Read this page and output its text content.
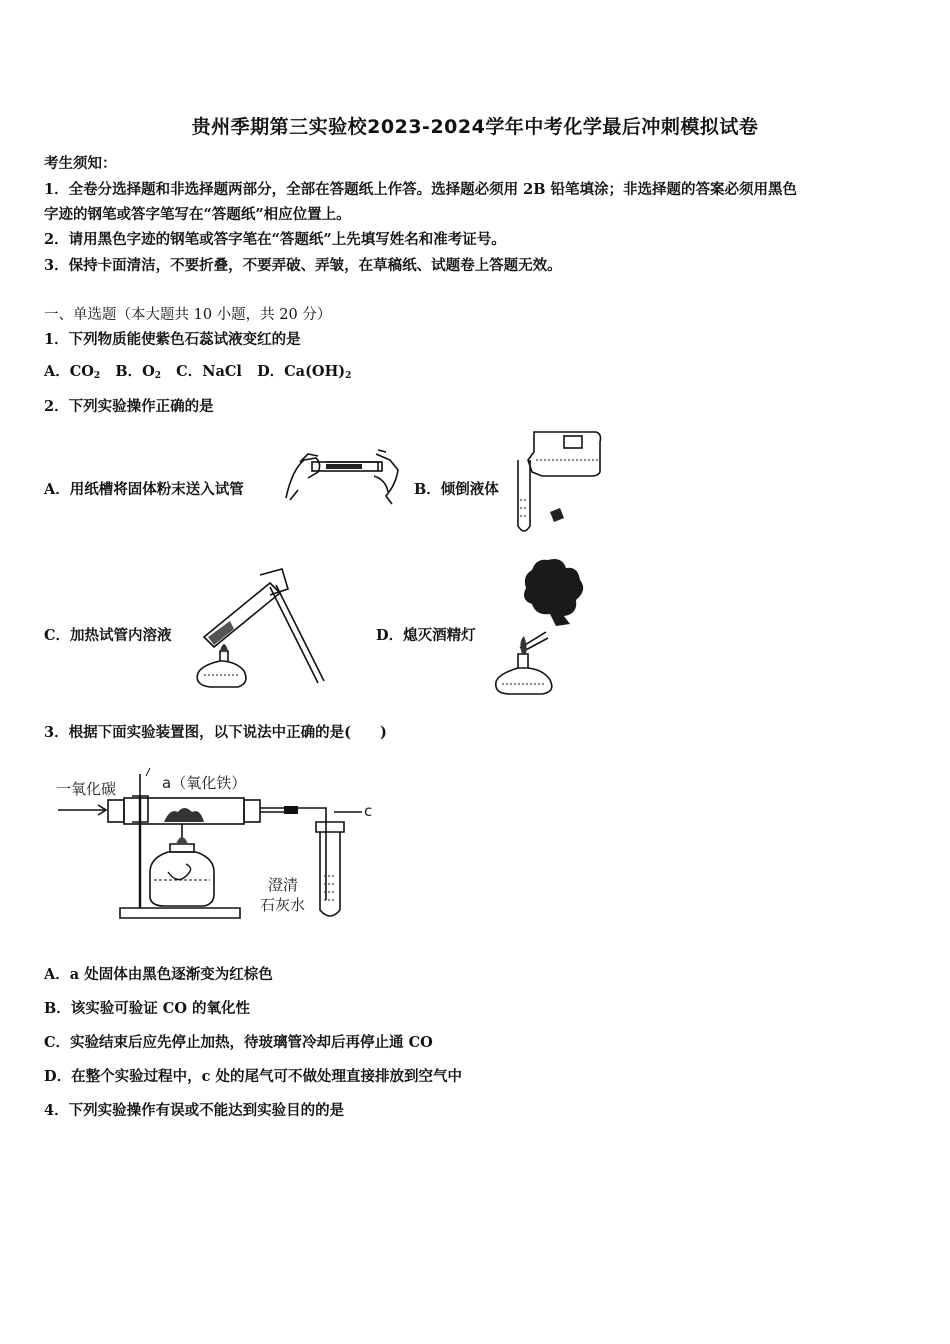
贵州季期第三实验校2023-2024学年中考化学最后冲刺模拟试卷
考生须知：
1．全卷分选择题和非选择题两部分，全部在答题纸上作答。选择题必须用 2B 铅笔填涂；非选择题的答案必须用黑色
字迹的钢笔或答字笔写在“答题纸”相应位置上。
2．请用黑色字迹的钢笔或答字笔在“答题纸”上先填写姓名和准考证号。
3．保持卡面清洁，不要折叠，不要弄破、弄皱，在草稿纸、试题卷上答题无效。
一、单选题（本大题共 10 小题，共 20 分）
1．下列物质能使紫色石蕊试液变红的是
A．$CO_2$ B．$O_2$ C．NaCl D．$Ca(OH)_2$
2．下列实验操作正确的是
A．用纸槽将固体粉末送入试管	B．倾倒液体
C．加热试管内溶液	D．熄灭酒精灯
3．根据下面实验装置图，以下说法中正确的是(　　)
a（氧化铁）
一氧化碳
c
澄清
石灰水
A．a 处固体由黑色逐渐变为红棕色
B．该实验可验证 CO 的氧化性
C．实验结束后应先停止加热，待玻璃管冷却后再停止通 CO
D．在整个实验过程中，c 处的尾气可不做处理直接排放到空气中
4．下列实验操作有误或不能达到实验目的的是
